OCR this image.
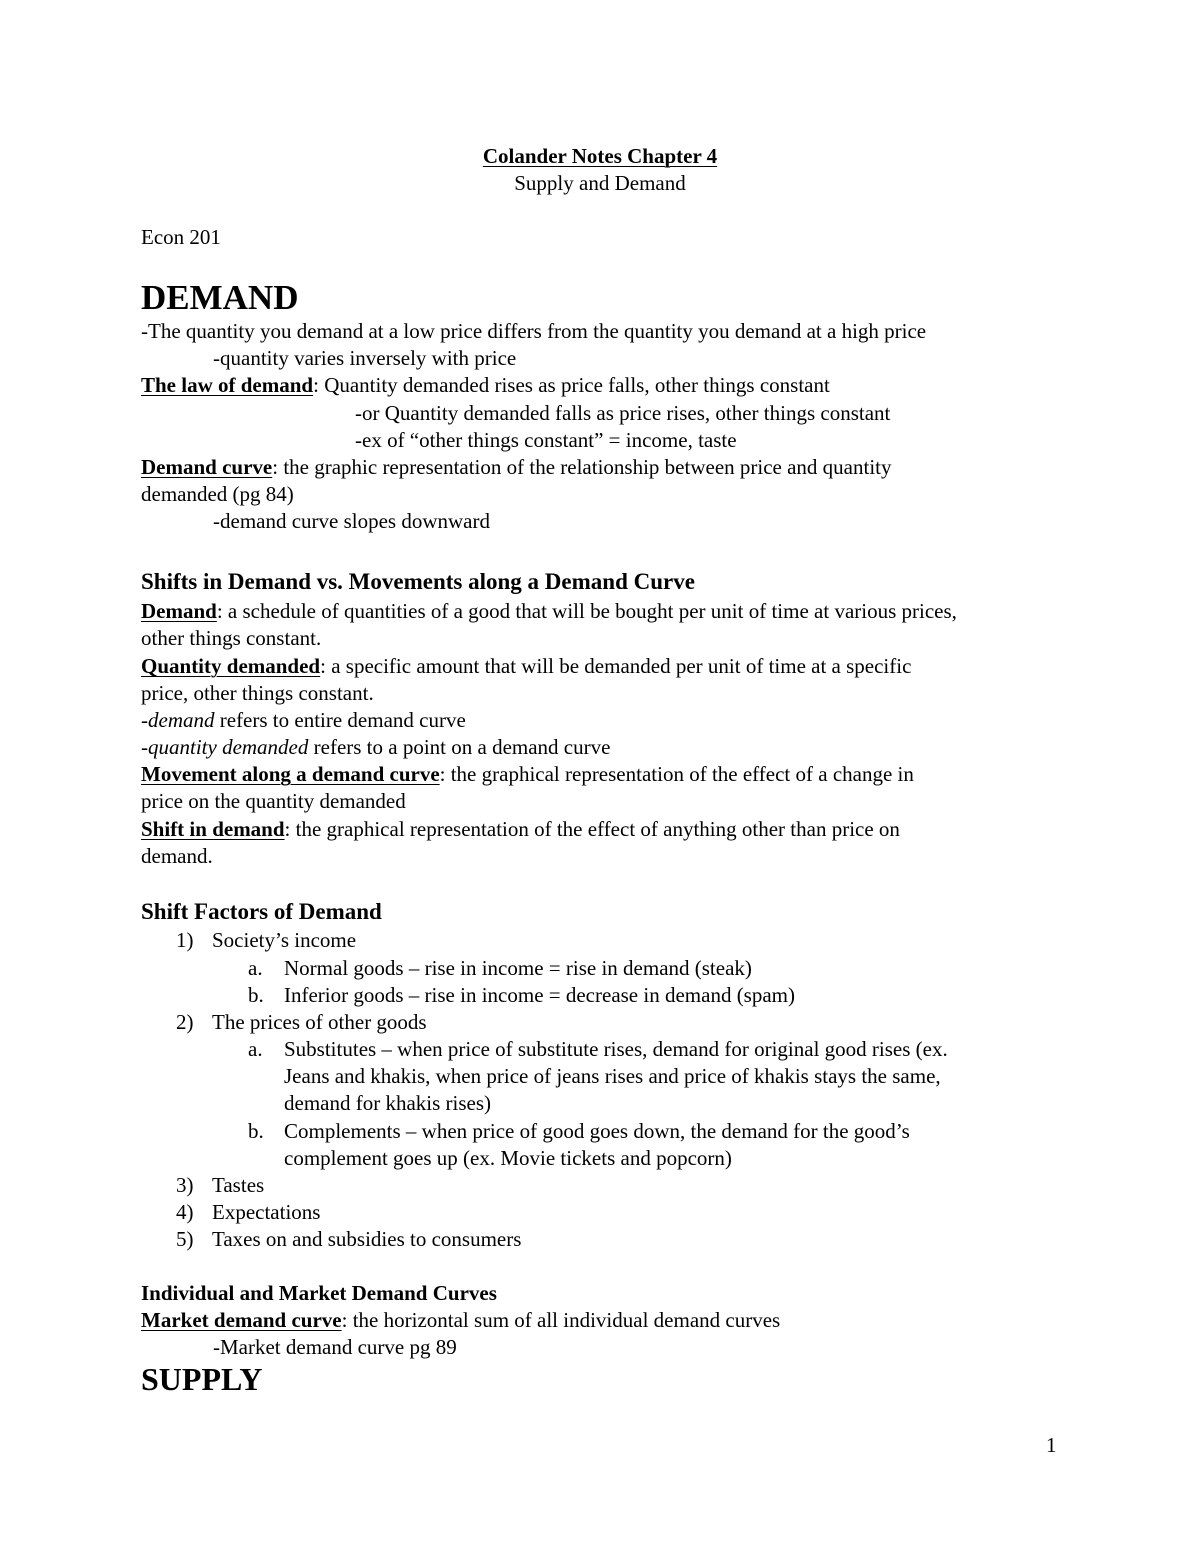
Colander Notes Chapter 4
Supply and Demand
Econ 201
DEMAND
-The quantity you demand at a low price differs from the quantity you demand at a high price
-quantity varies inversely with price
The law of demand: Quantity demanded rises as price falls, other things constant
-or Quantity demanded falls as price rises, other things constant
-ex of “other things constant” = income, taste
Demand curve: the graphic representation of the relationship between price and quantity
demanded (pg 84)
-demand curve slopes downward
Shifts in Demand vs. Movements along a Demand Curve
Demand: a schedule of quantities of a good that will be bought per unit of time at various prices,
other things constant.
Quantity demanded: a specific amount that will be demanded per unit of time at a specific
price, other things constant.
-demand refers to entire demand curve
-quantity demanded refers to a point on a demand curve
Movement along a demand curve: the graphical representation of the effect of a change in
price on the quantity demanded
Shift in demand: the graphical representation of the effect of anything other than price on
demand.
Shift Factors of Demand
1) Society’s income
a. Normal goods – rise in income = rise in demand (steak)
b. Inferior goods – rise in income = decrease in demand (spam)
2) The prices of other goods
a. Substitutes – when price of substitute rises, demand for original good rises (ex.
Jeans and khakis, when price of jeans rises and price of khakis stays the same,
demand for khakis rises)
b. Complements – when price of good goes down, the demand for the good’s
complement goes up (ex. Movie tickets and popcorn)
3) Tastes
4) Expectations
5) Taxes on and subsidies to consumers
Individual and Market Demand Curves
Market demand curve: the horizontal sum of all individual demand curves
-Market demand curve pg 89
SUPPLY
1
